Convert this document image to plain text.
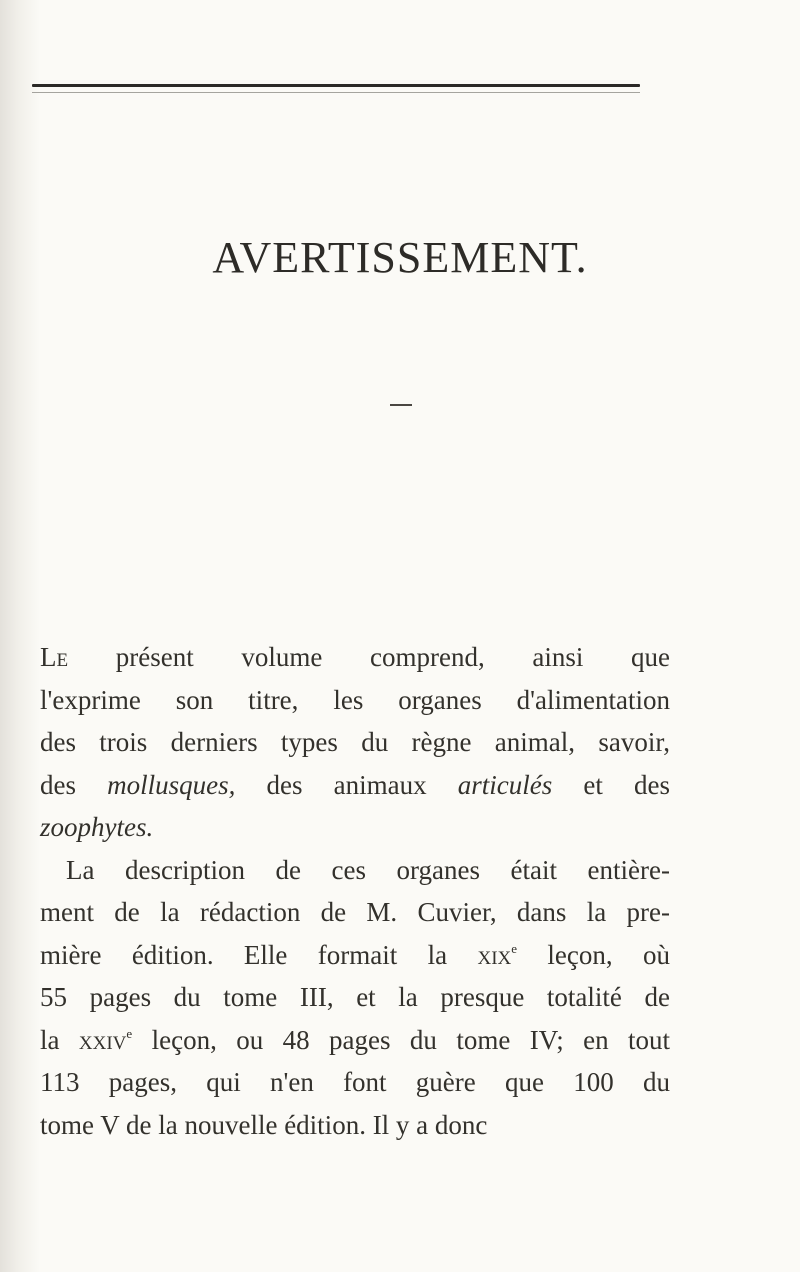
AVERTISSEMENT.
Le présent volume comprend, ainsi que
l'exprime son titre, les organes d'alimentation
des trois derniers types du règne animal, savoir,
des mollusques, des animaux articulés et des
zoophytes.
La description de ces organes était entière-
ment de la rédaction de M. Cuvier, dans la pre-
mière édition. Elle formait la xix$^e$ leçon, où
55 pages du tome III, et la presque totalité de
la xxiv$^e$ leçon, ou 48 pages du tome IV; en tout
113 pages, qui n'en font guère que 100 du
tome V de la nouvelle édition. Il y a donc
